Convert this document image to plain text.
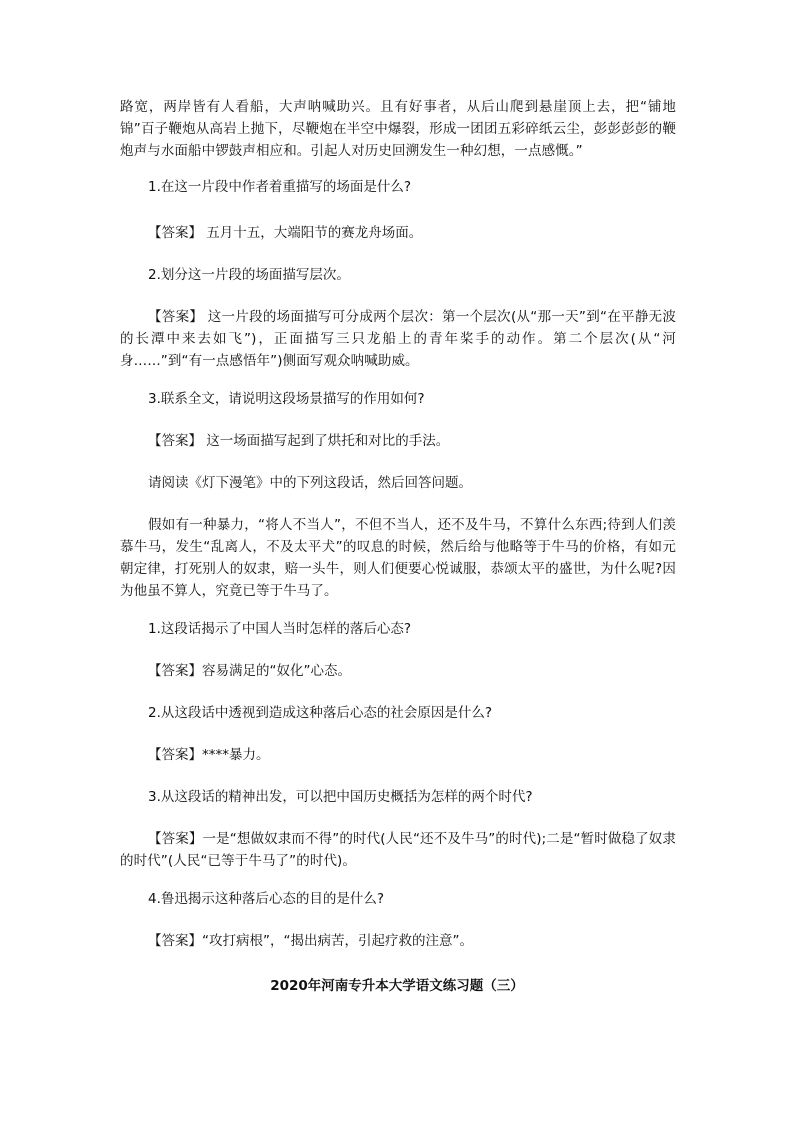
路宽，两岸皆有人看船，大声呐喊助兴。且有好事者，从后山爬到悬崖顶上去，把“铺地锦”百子鞭炮从高岩上抛下，尽鞭炮在半空中爆裂，形成一团团五彩碎纸云尘，彭彭彭彭的鞭炮声与水面船中锣鼓声相应和。引起人对历史回溯发生一种幻想，一点感慨。”

1.在这一片段中作者着重描写的场面是什么?

【答案】 五月十五，大端阳节的赛龙舟场面。

2.划分这一片段的场面描写层次。

【答案】 这一片段的场面描写可分成两个层次：第一个层次(从“那一天”到“在平静无波的长潭中来去如飞”)，正面描写三只龙船上的青年桨手的动作。第二个层次(从“河身……”到“有一点感悟年”)侧面写观众呐喊助威。

3.联系全文，请说明这段场景描写的作用如何?

【答案】 这一场面描写起到了烘托和对比的手法。

请阅读《灯下漫笔》中的下列这段话，然后回答问题。

假如有一种暴力，“将人不当人”，不但不当人，还不及牛马，不算什么东西;待到人们羡慕牛马，发生“乱离人，不及太平犬”的叹息的时候，然后给与他略等于牛马的价格，有如元朝定律，打死别人的奴隶，赔一头牛，则人们便要心悦诚服，恭颂太平的盛世，为什么呢?因为他虽不算人，究竟已等于牛马了。

1.这段话揭示了中国人当时怎样的落后心态?

【答案】容易满足的“奴化”心态。

2.从这段话中透视到造成这种落后心态的社会原因是什么?

【答案】****暴力。

3.从这段话的精神出发，可以把中国历史概括为怎样的两个时代?

【答案】一是“想做奴隶而不得”的时代(人民“还不及牛马”的时代);二是“暂时做稳了奴隶的时代”(人民“已等于牛马了”的时代)。

4.鲁迅揭示这种落后心态的目的是什么?

【答案】“攻打病根”，“揭出病苦，引起疗救的注意”。

2020年河南专升本大学语文练习题（三）
